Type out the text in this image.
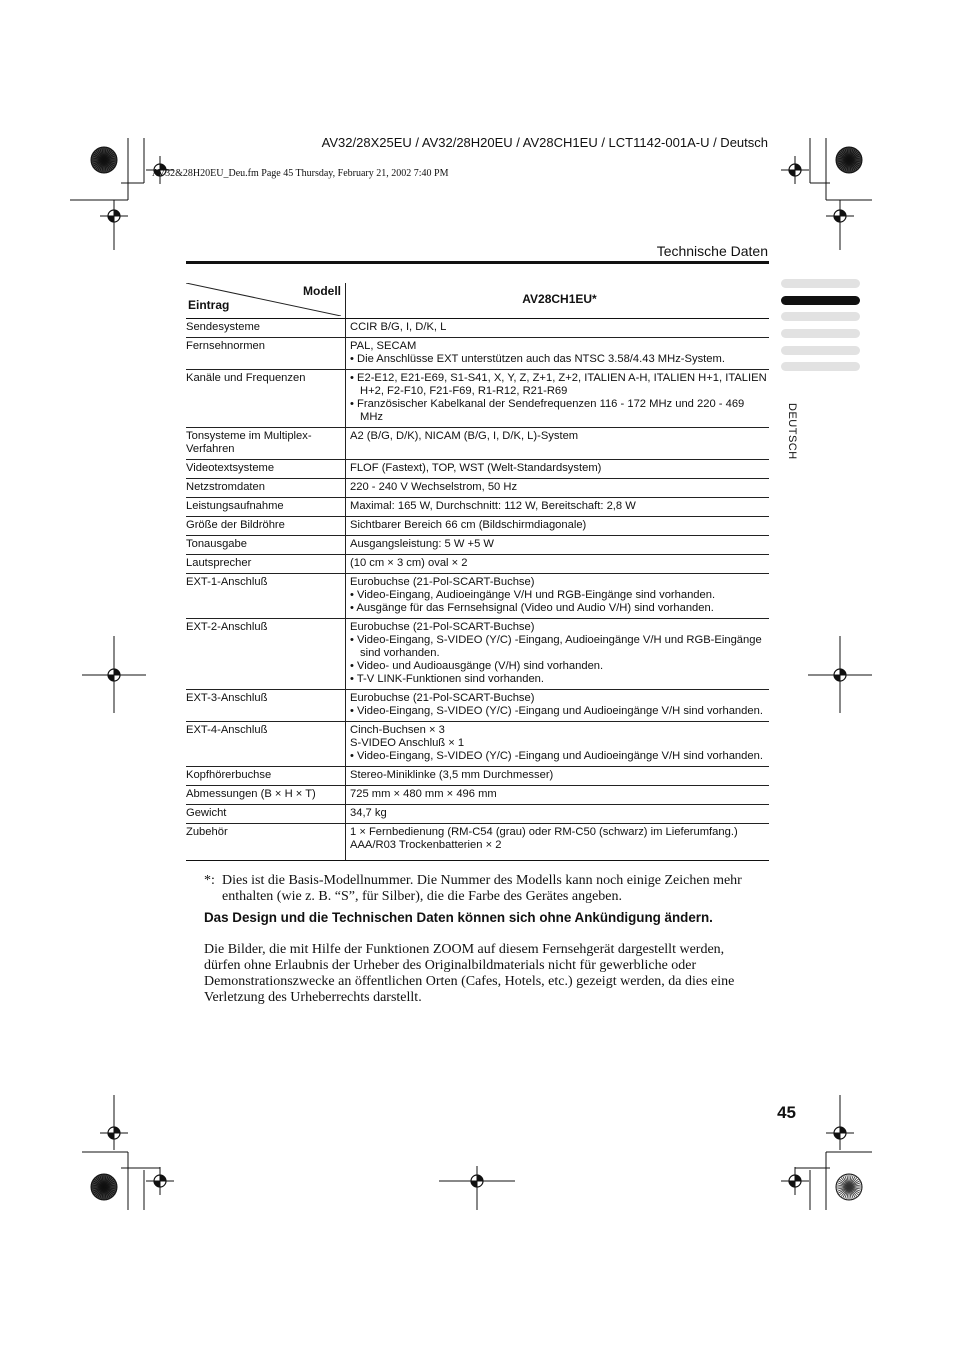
AV32/28X25EU / AV32/28H20EU / AV28CH1EU / LCT1142-001A-U / Deutsch
AV32&28H20EU_Deu.fm Page 45 Thursday, February 21, 2002 7:40 PM
Technische Daten
Modell
Eintrag	AV28CH1EU*

Sendesysteme	CCIR B/G, I, D/K, L

Fernsehnormen	PAL, SECAM
• Die Anschlüsse EXT unterstützen auch das NTSC 3.58/4.43 MHz-System.

Kanäle und Frequenzen	• E2-E12, E21-E69, S1-S41, X, Y, Z, Z+1, Z+2, ITALIEN A-H, ITALIEN H+1, ITALIEN H+2, F2-F10, F21-F69, R1-R12, R21-R69
• Französischer Kabelkanal der Sendefrequenzen 116 - 172 MHz und 220 - 469 MHz

Tonsysteme im Multiplex-Verfahren	A2 (B/G, D/K), NICAM (B/G, I, D/K, L)-System

Videotextsysteme	FLOF (Fastext), TOP, WST (Welt-Standardsystem)

Netzstromdaten	220 - 240 V Wechselstrom, 50 Hz

Leistungsaufnahme	Maximal: 165 W, Durchschnitt: 112 W, Bereitschaft: 2,8 W

Größe der Bildröhre	Sichtbarer Bereich 66 cm (Bildschirmdiagonale)

Tonausgabe	Ausgangsleistung: 5 W +5 W

Lautsprecher	(10 cm × 3 cm) oval × 2

EXT-1-Anschluß	Eurobuchse (21-Pol-SCART-Buchse)
• Video-Eingang, Audioeingänge V/H und RGB-Eingänge sind vorhanden.
• Ausgänge für das Fernsehsignal (Video und Audio V/H) sind vorhanden.

EXT-2-Anschluß	Eurobuchse (21-Pol-SCART-Buchse)
• Video-Eingang, S-VIDEO (Y/C) -Eingang, Audioeingänge V/H und RGB-Eingänge sind vorhanden.
• Video- und Audioausgänge (V/H) sind vorhanden.
• T-V LINK-Funktionen sind vorhanden.

EXT-3-Anschluß	Eurobuchse (21-Pol-SCART-Buchse)
• Video-Eingang, S-VIDEO (Y/C) -Eingang und Audioeingänge V/H sind vorhanden.

EXT-4-Anschluß	Cinch-Buchsen × 3
S-VIDEO Anschluß × 1
• Video-Eingang, S-VIDEO (Y/C) -Eingang und Audioeingänge V/H sind vorhanden.

Kopfhörerbuchse	Stereo-Miniklinke (3,5 mm Durchmesser)

Abmessungen (B × H × T)	725 mm × 480 mm × 496 mm

Gewicht	34,7 kg

Zubehör	1 × Fernbedienung (RM-C54 (grau) oder RM-C50 (schwarz) im Lieferumfang.)
AAA/R03 Trockenbatterien × 2
*: Dies ist die Basis-Modellnummer. Die Nummer des Modells kann noch einige Zeichen mehr enthalten (wie z. B. “S”, für Silber), die die Farbe des Gerätes angeben.
Das Design und die Technischen Daten können sich ohne Ankündigung ändern.
Die Bilder, die mit Hilfe der Funktionen ZOOM auf diesem Fernsehgerät dargestellt werden, dürfen ohne Erlaubnis der Urheber des Originalbildmaterials nicht für gewerbliche oder Demonstrationszwecke an öffentlichen Orten (Cafes, Hotels, etc.) gezeigt werden, da dies eine Verletzung des Urheberrechts darstellt.
45
DEUTSCH
